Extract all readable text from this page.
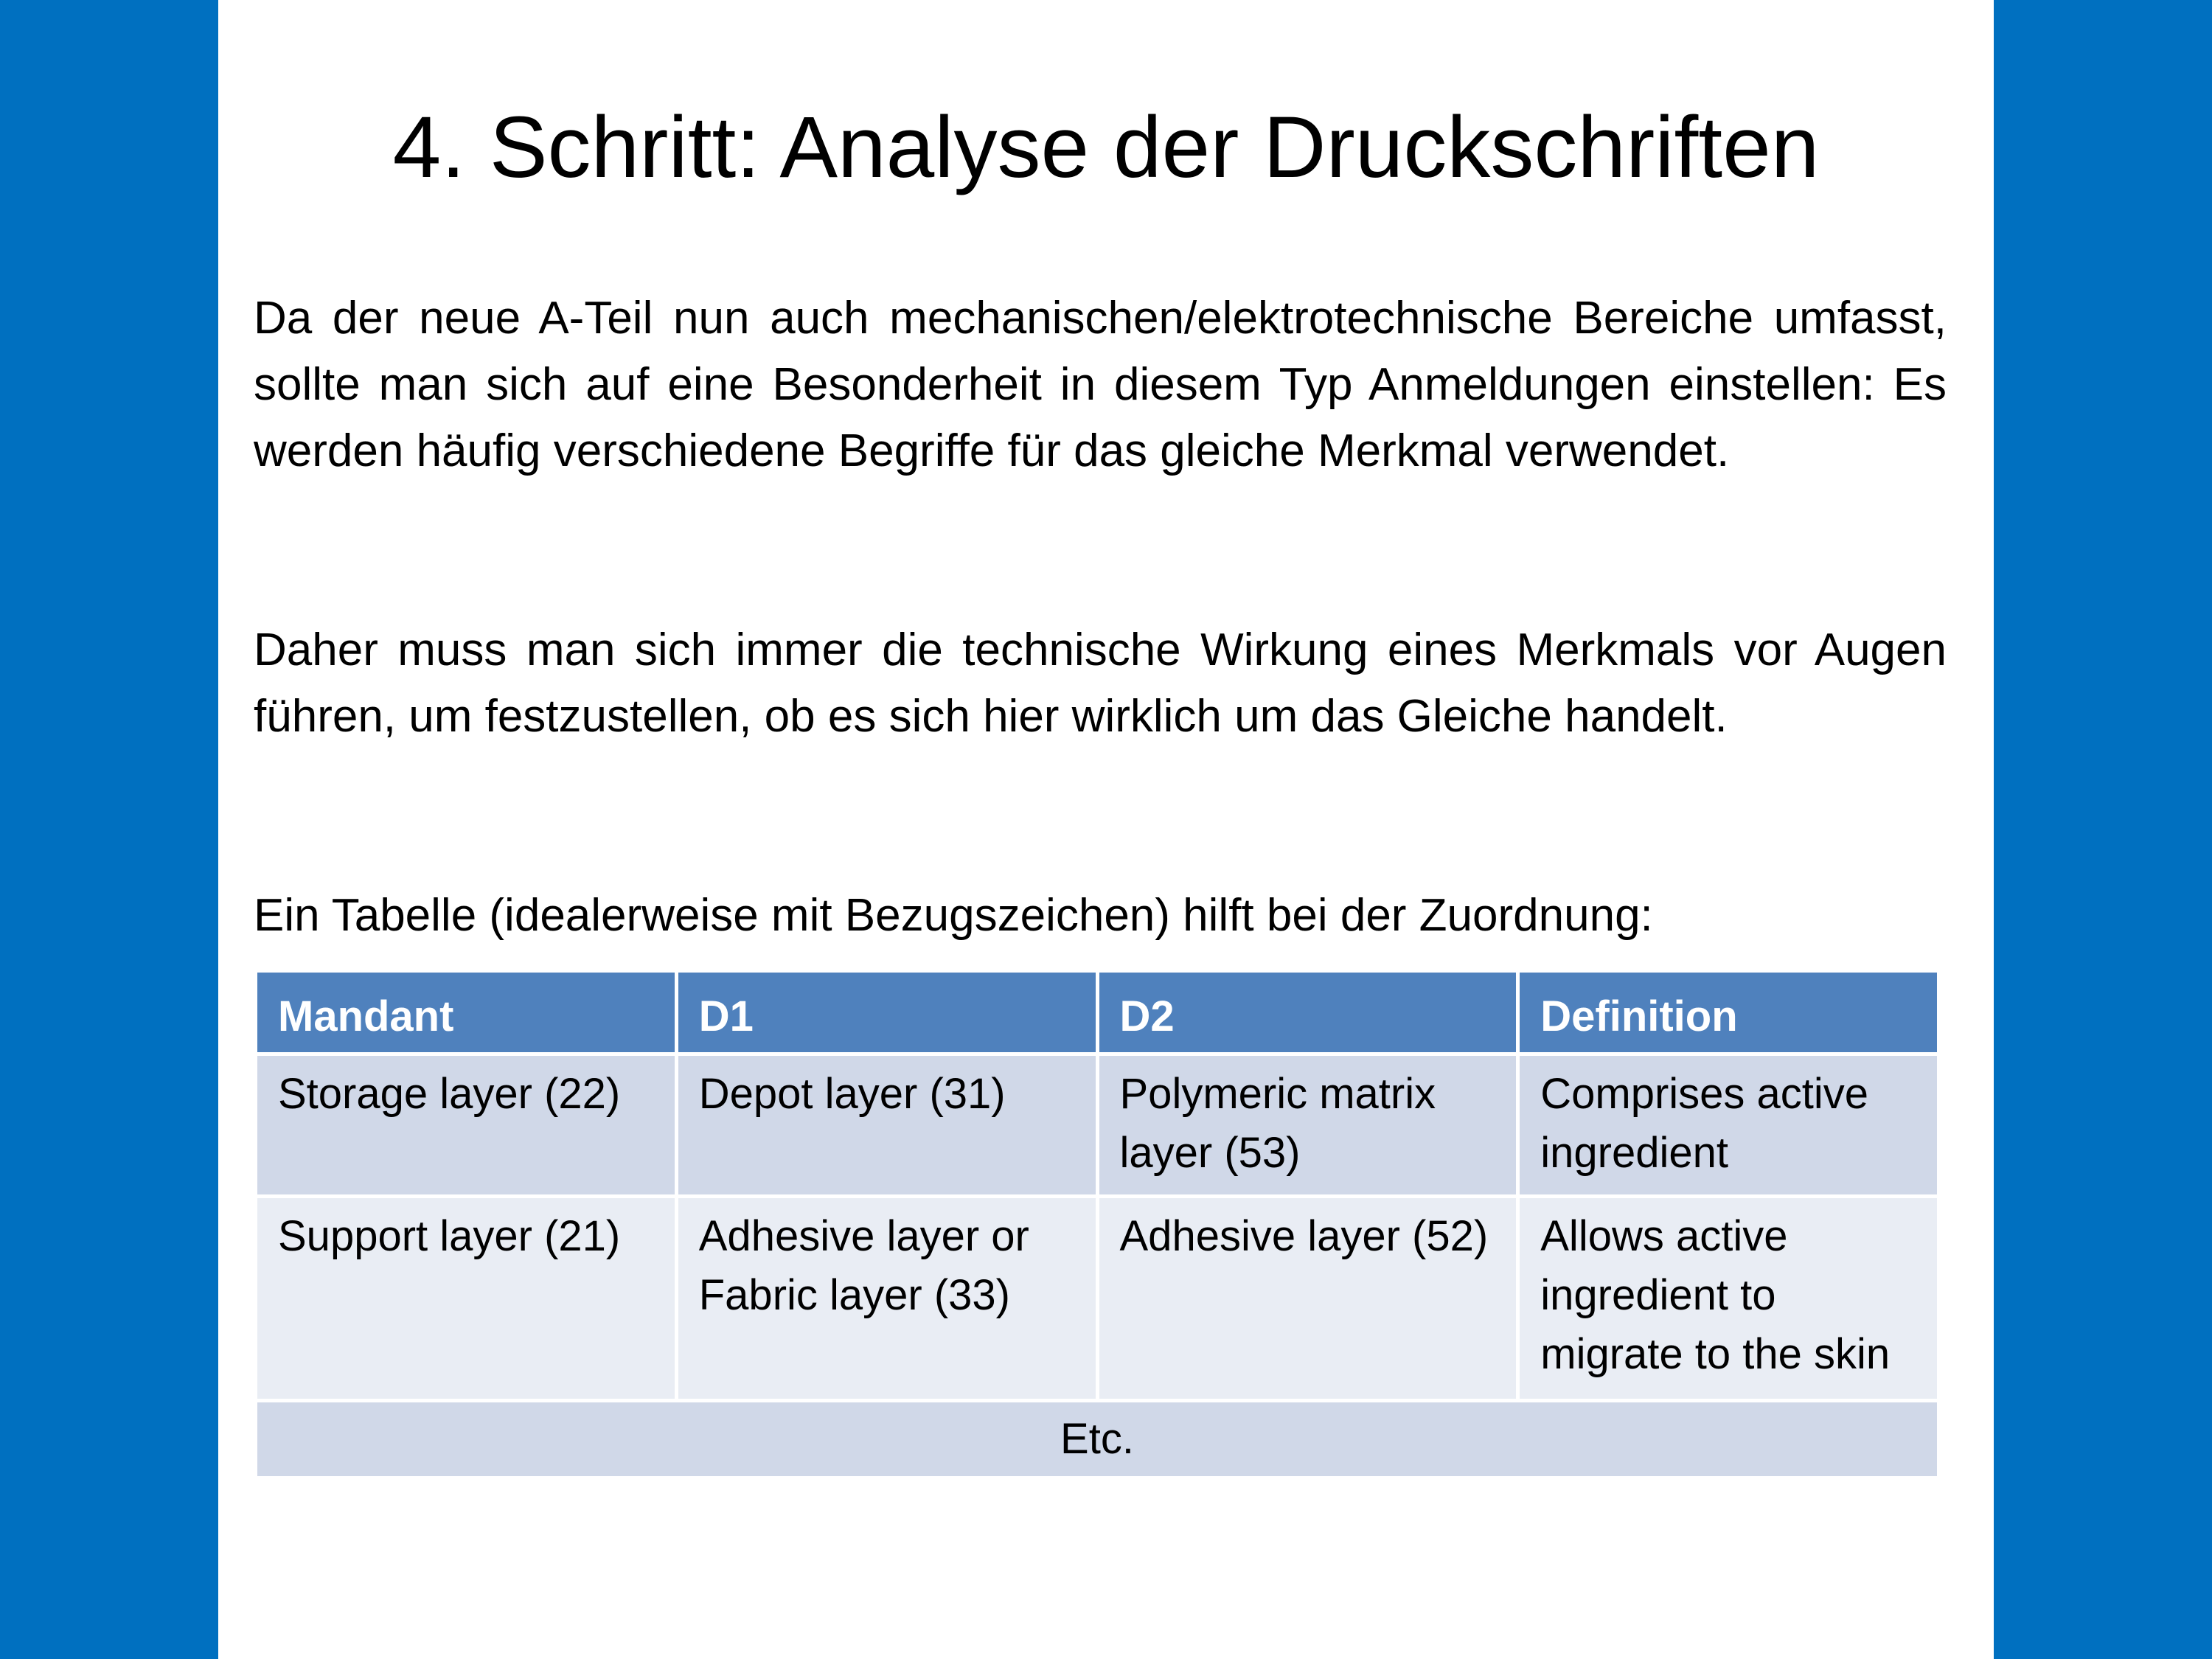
4. Schritt: Analyse der Druckschriften

Da der neue A-Teil nun auch mechanischen/elektrotechnische Bereiche umfasst, sollte man sich auf eine Besonderheit in diesem Typ Anmeldungen einstellen: Es werden häufig verschiedene Begriffe für das gleiche Merkmal verwendet.

Daher muss man sich immer die technische Wirkung eines Merkmals vor Augen führen, um festzustellen, ob es sich hier wirklich um das Gleiche handelt.

Ein Tabelle (idealerweise mit Bezugszeichen) hilft bei der Zuordnung:

Mandant	D1	D2	Definition
Storage layer (22)	Depot layer (31)	Polymeric matrix layer (53)	Comprises active ingredient
Support layer (21)	Adhesive layer or Fabric layer (33)	Adhesive layer (52)	Allows active ingredient to migrate to the skin
Etc.			
